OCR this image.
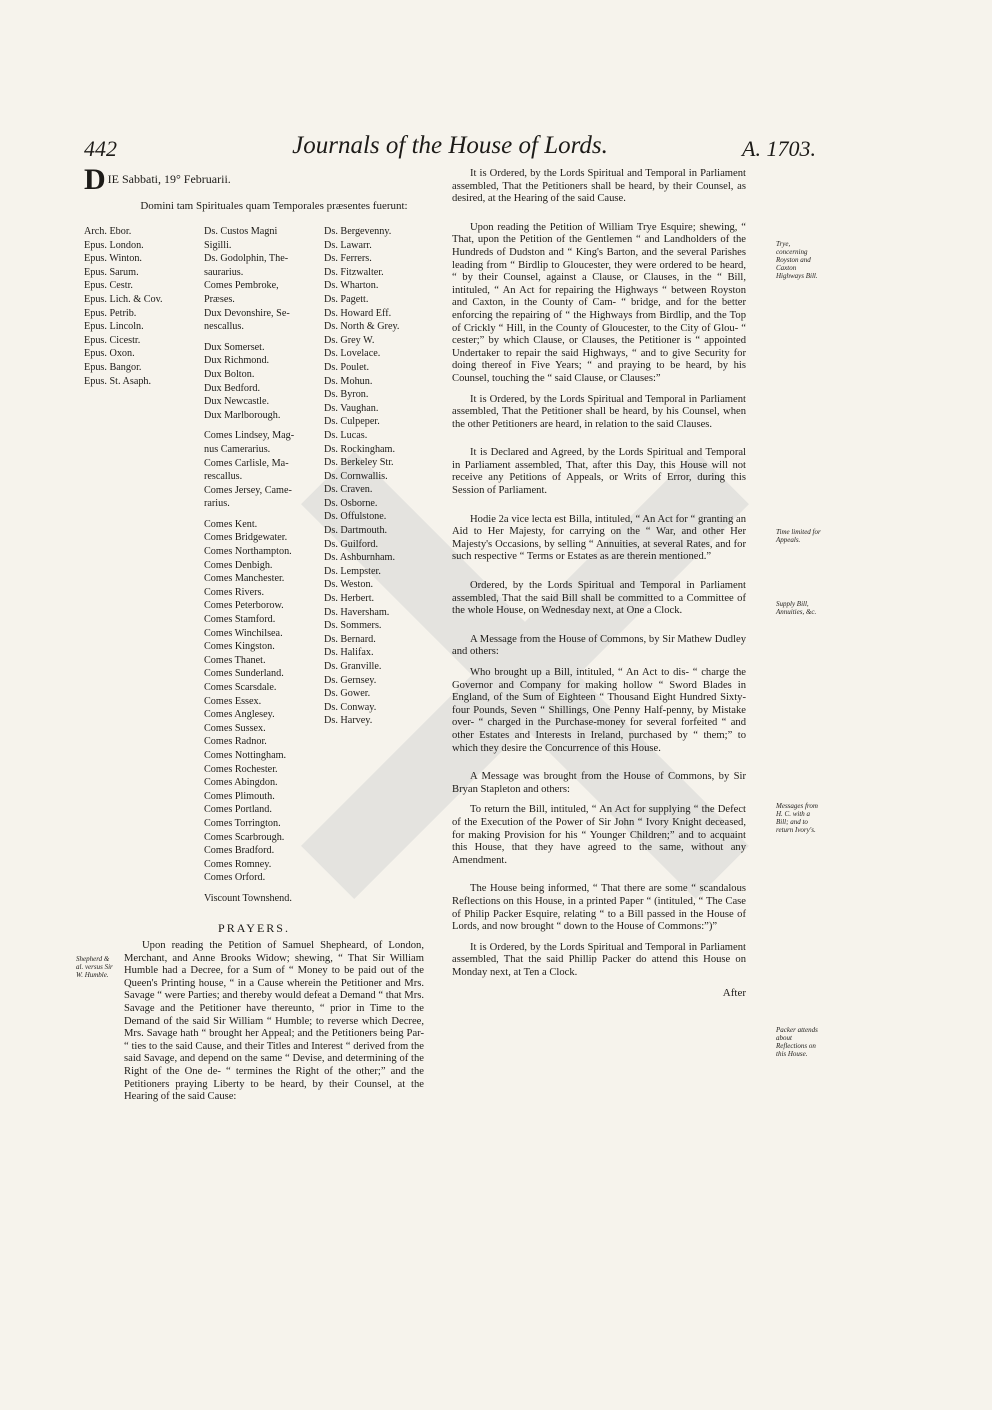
442	Journals of the House of Lords.	A. 1703.
DIE Sabbati, 19° Februarii.
Domini tam Spirituales quam Temporales præsentes fuerunt:
Arch. Ebor.
Epus. London.
Epus. Winton.
Epus. Sarum.
Epus. Cestr.
Epus. Lich. & Cov.
Epus. Petrib.
Epus. Lincoln.
Epus. Cicestr.
Epus. Oxon.
Epus. Bangor.
Epus. St. Asaph.
Ds. Custos Magni
Sigilli.
Ds. Godolphin, The-
saurarius.
Comes Pembroke,
Præses.
Dux Devonshire, Se-
nescallus.
Dux Somerset.
Dux Richmond.
Dux Bolton.
Dux Bedford.
Dux Newcastle.
Dux Marlborough.
Comes Lindsey, Mag-
nus Camerarius.
Comes Carlisle, Ma-
rescallus.
Comes Jersey, Came-
rarius.
Comes Kent.
Comes Bridgewater.
Comes Northampton.
Comes Denbigh.
Comes Manchester.
Comes Rivers.
Comes Peterborow.
Comes Stamford.
Comes Winchilsea.
Comes Kingston.
Comes Thanet.
Comes Sunderland.
Comes Scarsdale.
Comes Essex.
Comes Anglesey.
Comes Sussex.
Comes Radnor.
Comes Nottingham.
Comes Rochester.
Comes Abingdon.
Comes Plimouth.
Comes Portland.
Comes Torrington.
Comes Scarbrough.
Comes Bradford.
Comes Romney.
Comes Orford.
Viscount Townshend.
Ds. Bergevenny.
Ds. Lawarr.
Ds. Ferrers.
Ds. Fitzwalter.
Ds. Wharton.
Ds. Pagett.
Ds. Howard Eff.
Ds. North & Grey.
Ds. Grey W.
Ds. Lovelace.
Ds. Poulet.
Ds. Mohun.
Ds. Byron.
Ds. Vaughan.
Ds. Culpeper.
Ds. Lucas.
Ds. Rockingham.
Ds. Berkeley Str.
Ds. Cornwallis.
Ds. Craven.
Ds. Osborne.
Ds. Offulstone.
Ds. Dartmouth.
Ds. Guilford.
Ds. Ashburnham.
Ds. Lempster.
Ds. Weston.
Ds. Herbert.
Ds. Haversham.
Ds. Sommers.
Ds. Bernard.
Ds. Halifax.
Ds. Granville.
Ds. Gernsey.
Ds. Gower.
Ds. Conway.
Ds. Harvey.
PRAYERS.
Upon reading the Petition of Samuel Shepheard, of London, Merchant, and Anne Brooks Widow; shewing, “ That Sir William Humble had a Decree, for a Sum of “ Money to be paid out of the Queen's Printing house, “ in a Cause wherein the Petitioner and Mrs. Savage “ were Parties; and thereby would defeat a Demand “ that Mrs. Savage and the Petitioner have thereunto, “ prior in Time to the Demand of the said Sir William “ Humble; to reverse which Decree, Mrs. Savage hath “ brought her Appeal; and the Petitioners being Par- “ ties to the said Cause, and their Titles and Interest “ derived from the said Savage, and depend on the same “ Devise, and determining of the Right of the One de- “ termines the Right of the other;” and the Petitioners praying Liberty to be heard, by their Counsel, at the Hearing of the said Cause:
Shepherd & al. versus Sir W. Humble.
It is Ordered, by the Lords Spiritual and Temporal in Parliament assembled, That the Petitioners shall be heard, by their Counsel, as desired, at the Hearing of the said Cause.
Upon reading the Petition of William Trye Esquire; shewing, “ That, upon the Petition of the Gentlemen “ and Landholders of the Hundreds of Dudston and “ King's Barton, and the several Parishes leading from “ Birdlip to Gloucester, they were ordered to be heard, “ by their Counsel, against a Clause, or Clauses, in the “ Bill, intituled, “ An Act for repairing the Highways “ between Royston and Caxton, in the County of Cam- “ bridge, and for the better enforcing the repairing of “ the Highways from Birdlip, and the Top of Crickly “ Hill, in the County of Gloucester, to the City of Glou- “ cester;” by which Clause, or Clauses, the Petitioner is “ appointed Undertaker to repair the said Highways, “ and to give Security for doing thereof in Five Years; “ and praying to be heard, by his Counsel, touching the “ said Clause, or Clauses:”
It is Ordered, by the Lords Spiritual and Temporal in Parliament assembled, That the Petitioner shall be heard, by his Counsel, when the other Petitioners are heard, in relation to the said Clauses.
It is Declared and Agreed, by the Lords Spiritual and Temporal in Parliament assembled, That, after this Day, this House will not receive any Petitions of Appeals, or Writs of Error, during this Session of Parliament.
Hodie 2a vice lecta est Billa, intituled, “ An Act for “ granting an Aid to Her Majesty, for carrying on the “ War, and other Her Majesty's Occasions, by selling “ Annuities, at several Rates, and for such respective “ Terms or Estates as are therein mentioned.”
Ordered, by the Lords Spiritual and Temporal in Parliament assembled, That the said Bill shall be committed to a Committee of the whole House, on Wednesday next, at One a Clock.
A Message from the House of Commons, by Sir Mathew Dudley and others:
Who brought up a Bill, intituled, “ An Act to dis- “ charge the Governor and Company for making hollow “ Sword Blades in England, of the Sum of Eighteen “ Thousand Eight Hundred Sixty-four Pounds, Seven “ Shillings, One Penny Half-penny, by Mistake over- “ charged in the Purchase-money for several forfeited “ and other Estates and Interests in Ireland, purchased by “ them;” to which they desire the Concurrence of this House.
A Message was brought from the House of Commons, by Sir Bryan Stapleton and others:
To return the Bill, intituled, “ An Act for supplying “ the Defect of the Execution of the Power of Sir John “ Ivory Knight deceased, for making Provision for his “ Younger Children;” and to acquaint this House, that they have agreed to the same, without any Amendment.
The House being informed, “ That there are some “ scandalous Reflections on this House, in a printed Paper “ (intituled, “ The Case of Philip Packer Esquire, relating “ to a Bill passed in the House of Lords, and now brought “ down to the House of Commons:”)”
It is Ordered, by the Lords Spiritual and Temporal in Parliament assembled, That the said Phillip Packer do attend this House on Monday next, at Ten a Clock.
After
Trye, concerning Royston and Caxton Highways Bill.
Time limited for Appeals.
Supply Bill, Annuities, &c.
Messages from H. C. with a Bill; and to return Ivory's.
Packer attends about Reflections on this House.
